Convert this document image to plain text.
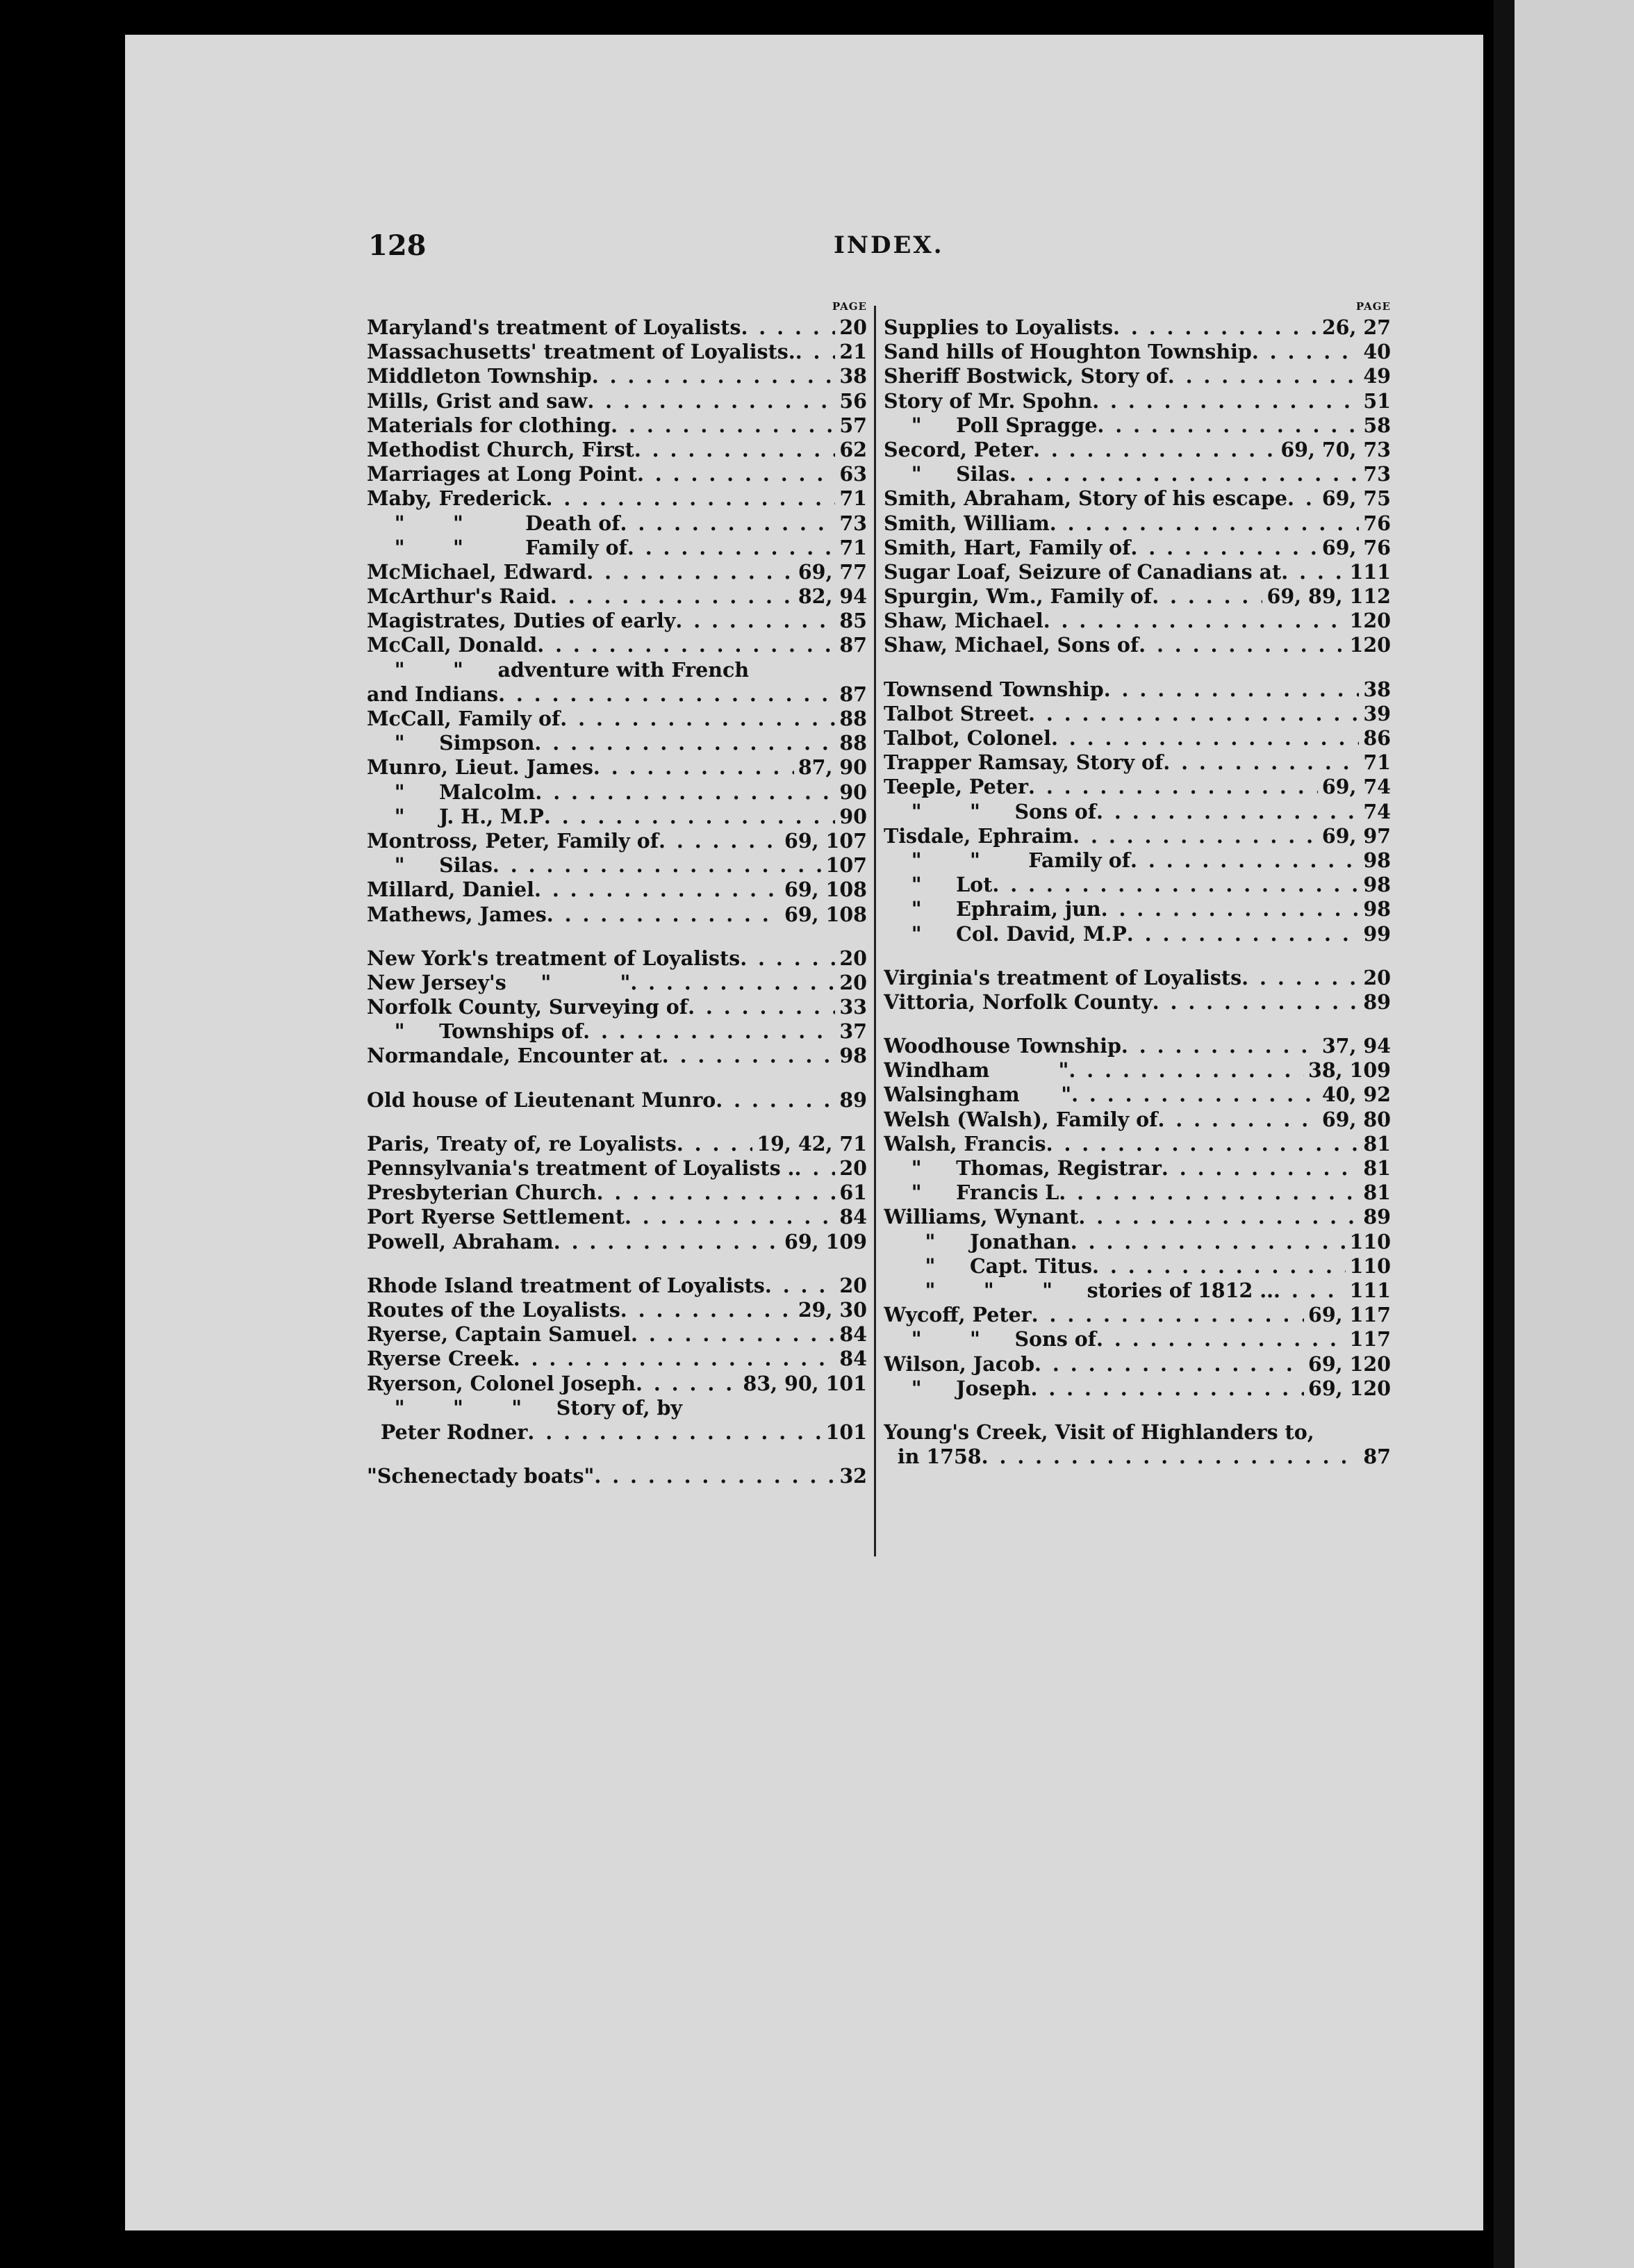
128	INDEX.
PAGE
Maryland's treatment of Loyalists . . .	20
Massachusetts' treatment of Loyalists. . . . 21
Middleton Township . . .	38
Mills, Grist and saw . . .	56
Materials for clothing . . .	57
Methodist Church, First . . .	62
Marriages at Long Point . . .	63
Maby, Frederick . . .	71
"       "         Death of . . .	73
"       "         Family of . . .	71
McMichael, Edward . . .	69, 77
McArthur's Raid . . .	82, 94
Magistrates, Duties of early . . .	85
McCall, Donald . . .	87
"       "     adventure with French
and Indians . . .	87
McCall, Family of . . .	88
"     Simpson . . .	88
Munro, Lieut. James . . .	87, 90
"     Malcolm . . .	90
"     J. H., M.P . . .	90
Montross, Peter, Family of . . .	69, 107
"     Silas . . .	107
Millard, Daniel . . .	69, 108
Mathews, James . . .	69, 108
New York's treatment of Loyalists . . .	20
New Jersey's     "          " . . .	20
Norfolk County, Surveying of . . .	33
"     Townships of . . .	37
Normandale, Encounter at . . .	98
Old house of Lieutenant Munro . . .	89
Paris, Treaty of, re Loyalists . . .	19, 42, 71
Pennsylvania's treatment of Loyalists . . . . 20
Presbyterian Church . . .	61
Port Ryerse Settlement . . .	84
Powell, Abraham . . .	69, 109
Rhode Island treatment of Loyalists . . .	20
Routes of the Loyalists . . .	29, 30
Ryerse, Captain Samuel . . .	84
Ryerse Creek . . .	84
Ryerson, Colonel Joseph . . .	83, 90, 101
"       "       "     Story of, by
Peter Rodner . . .	101
"Schenectady boats" . . .	32
PAGE
Supplies to Loyalists . . .	26, 27
Sand hills of Houghton Township . . .	40
Sheriff Bostwick, Story of . . .	49
Story of Mr. Spohn . . .	51
"     Poll Spragge . . .	58
Secord, Peter . . .	69, 70, 73
"     Silas . . .	73
Smith, Abraham, Story of his escape . . . 69, 75
Smith, William . . .	76
Smith, Hart, Family of . . .	69, 76
Sugar Loaf, Seizure of Canadians at . . .	111
Spurgin, Wm., Family of . . .	69, 89, 112
Shaw, Michael . . .	120
Shaw, Michael, Sons of . . .	120
Townsend Township . . .	38
Talbot Street . . .	39
Talbot, Colonel . . .	86
Trapper Ramsay, Story of . . .	71
Teeple, Peter . . .	69, 74
"       "     Sons of . . .	74
Tisdale, Ephraim . . .	69, 97
"       "       Family of . . .	98
"     Lot . . .	98
"     Ephraim, jun . . .	98
"     Col. David, M.P . . .	99
Virginia's treatment of Loyalists . . .	20
Vittoria, Norfolk County . . .	89
Woodhouse Township . . .	37, 94
Windham          " . . .	38, 109
Walsingham      " . . .	40, 92
Welsh (Walsh), Family of . . .	69, 80
Walsh, Francis . . .	81
"     Thomas, Registrar . . .	81
"     Francis L . . .	81
Williams, Wynant . . .	89
"     Jonathan . . .	110
"     Capt. Titus . . .	110
"       "       "     stories of 1812 .. . . .	111
Wycoff, Peter . . .	69, 117
"       "     Sons of . . .	117
Wilson, Jacob . . .	69, 120
"     Joseph . . .	69, 120
Young's Creek, Visit of Highlanders to,
in 1758 . . .	87
